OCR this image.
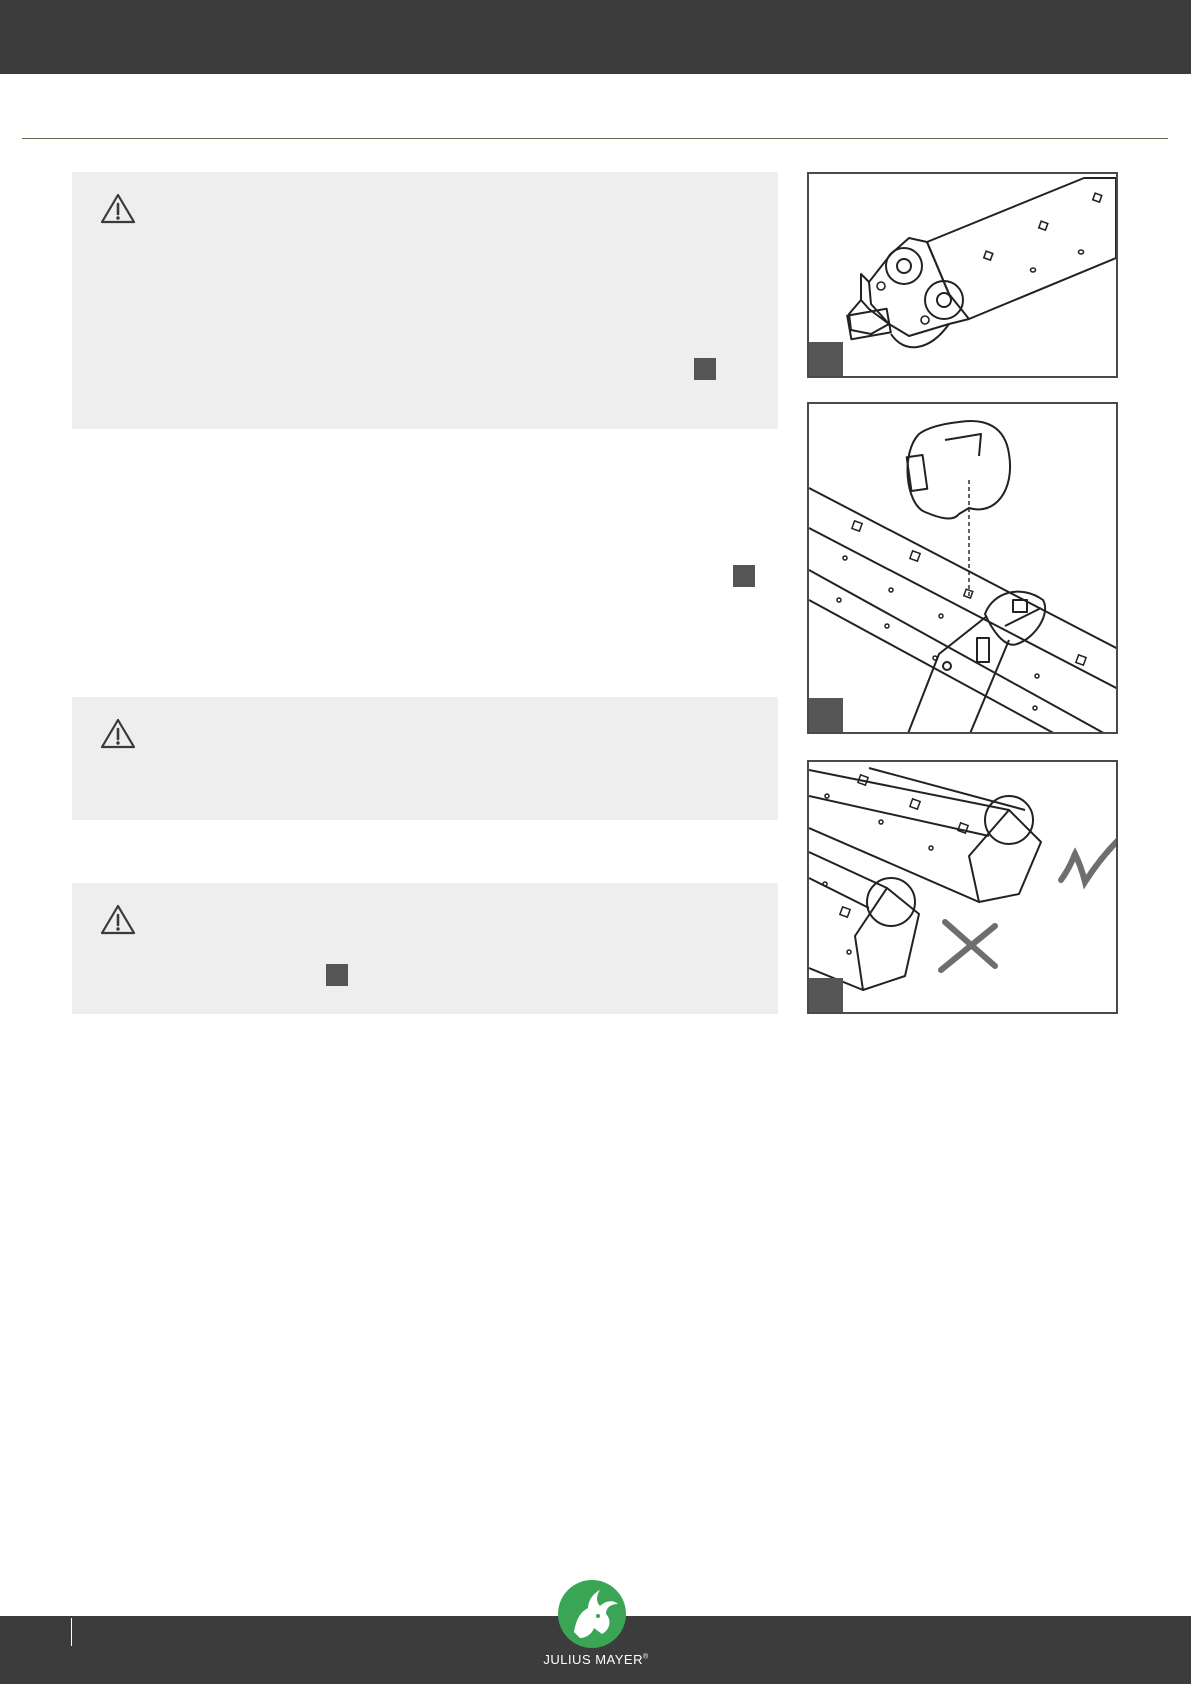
JULIUS MAYER®
